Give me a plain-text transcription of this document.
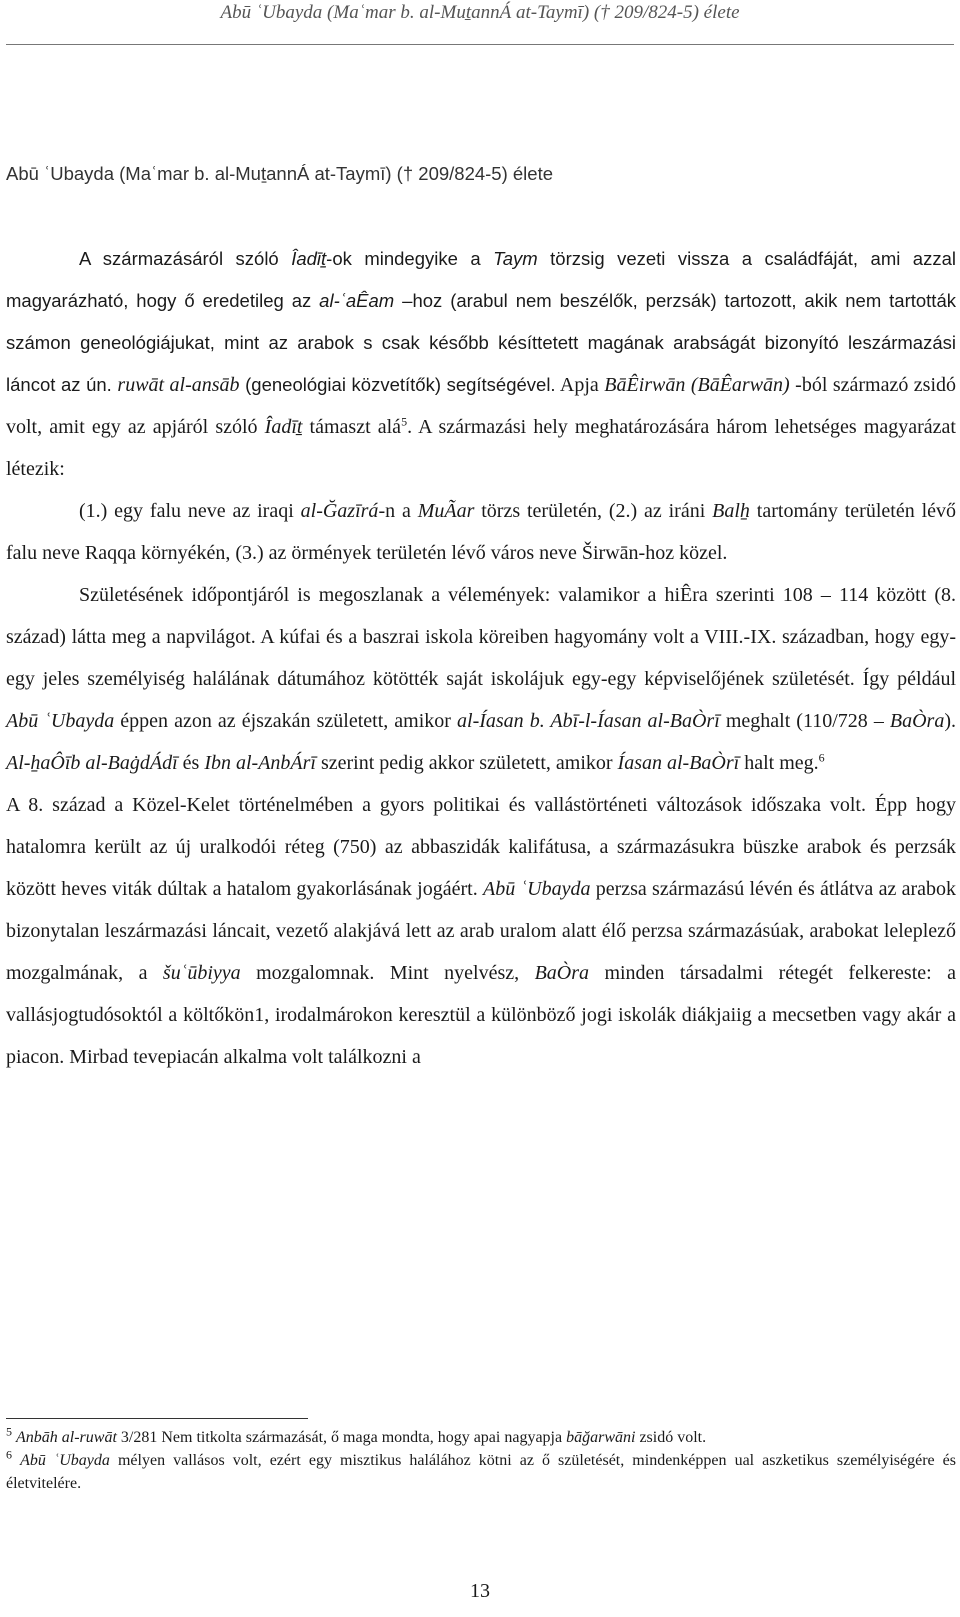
Abū ʿUbayda (Maʿmar b. al-MuṯannÁ at-Taymī) († 209/824-5) élete
Abū ʿUbayda (Maʿmar b. al-MuṯannÁ at-Taymī) († 209/824-5) élete

A származásáról szóló Îadīṯ-ok mindegyike a Taym törzsig vezeti vissza a családfáját, ami azzal magyarázható, hogy ő eredetileg az al-ʿaÊam –hoz (arabul nem beszélők, perzsák) tartozott, akik nem tartották számon geneológiájukat, mint az arabok s csak később késíttetett magának arabságát bizonyító leszármazási láncot az ún. ruwāt al-ansāb (geneológiai közvetítők) segítségével. Apja BāÊirwān (BāÊarwān) -ból származó zsidó volt, amit egy az apjáról szóló Îadīṯ támaszt alá$^5$. A származási hely meghatározására három lehetséges magyarázat létezik:

(1.) egy falu neve az iraqi al-Ğazīrá-n a MuÃar törzs területén, (2.) az iráni Balẖ tartomány területén lévő falu neve Raqqa környékén, (3.) az örmények területén lévő város neve Širwān-hoz közel.

Születésének időpontjáról is megoszlanak a vélemények: valamikor a hiÊra szerinti 108 – 114 között (8. század) látta meg a napvilágot. A kúfai és a baszrai iskola köreiben hagyomány volt a VIII.-IX. században, hogy egy-egy jeles személyiség halálának dátumához kötötték saját iskolájuk egy-egy képviselőjének születését. Így például Abū ʿUbayda éppen azon az éjszakán született, amikor al-Íasan b. Abī-l-Íasan al-BaÒrī meghalt (110/728 – BaÒra). Al-ẖaÔīb al-BaġdÁdī és Ibn al-AnbÁrī szerint pedig akkor született, amikor Íasan al-BaÒrī halt meg.$^6$

A 8. század a Közel-Kelet történelmében a gyors politikai és vallástörténeti változások időszaka volt. Épp hogy hatalomra került az új uralkodói réteg (750) az abbaszidák kalifátusa, a származásukra büszke arabok és perzsák között heves viták dúltak a hatalom gyakorlásának jogáért. Abū ʿUbayda perzsa származású lévén és átlátva az arabok bizonytalan leszármazási láncait, vezető alakjává lett az arab uralom alatt élő perzsa származásúak, arabokat leleplező mozgalmának, a šuʿūbiyya mozgalomnak. Mint nyelvész, BaÒra minden társadalmi rétegét felkereste: a vallásjogtudósoktól a költőkön1, irodalmárokon keresztül a különböző jogi iskolák diákjaiig a mecsetben vagy akár a piacon. Mirbad tevepiacán alkalma volt találkozni a

$^5$ Anbāh al-ruwāt 3/281 Nem titkolta származását, ő maga mondta, hogy apai nagyapja bāğarwāni zsidó volt.

$^6$ Abū ʿUbayda mélyen vallásos volt, ezért egy misztikus halálához kötni az ő születését, mindenképpen ual aszketikus személyiségére és életvitelére.

13
